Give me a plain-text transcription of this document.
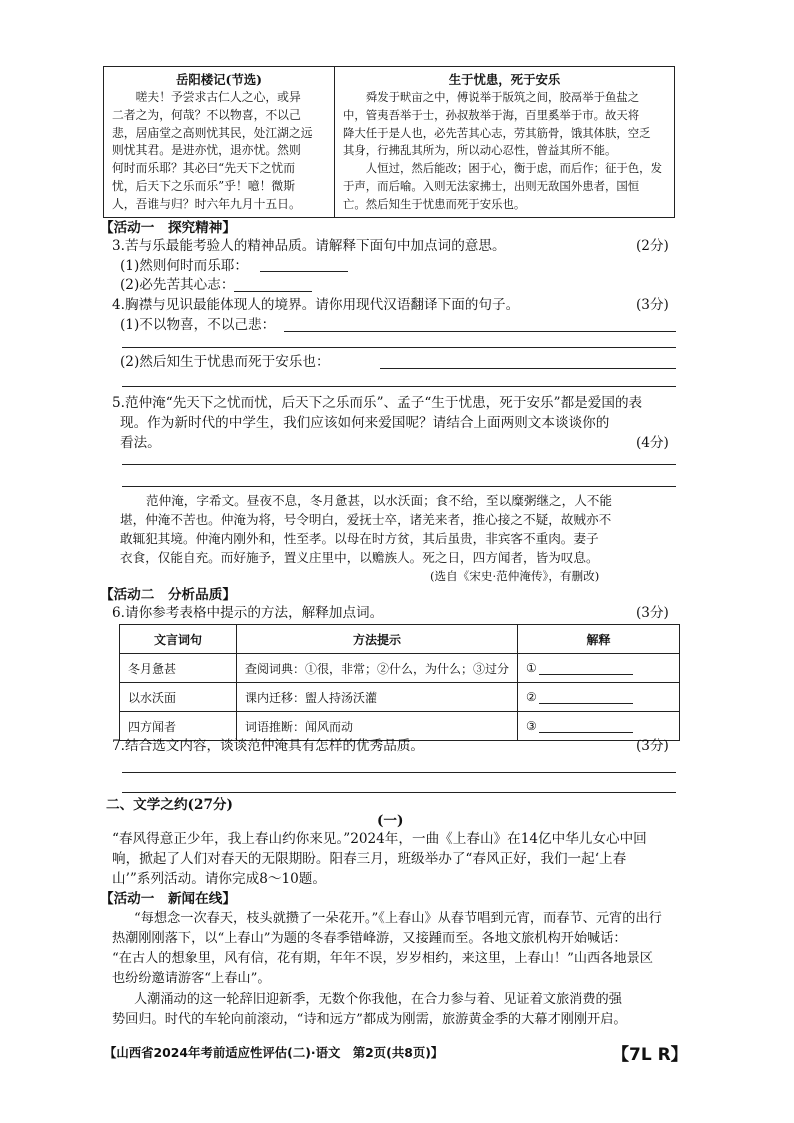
岳阳楼记(节选)
嗟夫！予尝求古仁人之心，或异
二者之为，何哉？不以物喜，不以己
悲，居庙堂之高则忧其民，处江湖之远
则忧其君。是进亦忧，退亦忧。然则
何时而乐耶？其必曰“先天下之忧而
忧，后天下之乐而乐”乎！噫！微斯
人，吾谁与归？时六年九月十五日。
生于忧患，死于安乐
舜发于畎亩之中，傅说举于版筑之间，胶鬲举于鱼盐之
中，管夷吾举于士，孙叔敖举于海，百里奚举于市。故天将
降大任于是人也，必先苦其心志，劳其筋骨，饿其体肤，空乏
其身，行拂乱其所为，所以动心忍性，曾益其所不能。
人恒过，然后能改；困于心，衡于虑，而后作；征于色，发
于声，而后喻。入则无法家拂士，出则无敌国外患者，国恒
亡。然后知生于忧患而死于安乐也。
【活动一　探究精神】
3.苦与乐最能考验人的精神品质。请解释下面句中加点词的意思。	(2分)
(1)然则何时而乐耶：
(2)必先苦其心志：
4.胸襟与见识最能体现人的境界。请你用现代汉语翻译下面的句子。	(3分)
(1)不以物喜，不以己悲：
(2)然后知生于忧患而死于安乐也：
5.范仲淹“先天下之忧而忧，后天下之乐而乐”、孟子“生于忧患，死于安乐”都是爱国的表
现。作为新时代的中学生，我们应该如何来爱国呢？请结合上面两则文本谈谈你的
看法。	(4分)
范仲淹，字希文。昼夜不息，冬月惫甚，以水沃面；食不给，至以糜粥继之，人不能
堪，仲淹不苦也。仲淹为将，号令明白，爱抚士卒，诸羌来者，推心接之不疑，故贼亦不
敢辄犯其境。仲淹内刚外和，性至孝。以母在时方贫，其后虽贵，非宾客不重肉。妻子
衣食，仅能自充。而好施予，置义庄里中，以赡族人。死之日，四方闻者，皆为叹息。
(选自《宋史·范仲淹传》，有删改)
【活动二　分析品质】
6.请你参考表格中提示的方法，解释加点词。	(3分)
文言词句	方法提示	解释
冬月惫甚	查阅词典：①很，非常；②什么，为什么；③过分	①
以水沃面	课内迁移：盥人持汤沃灌	②
四方闻者	词语推断：闻风而动	③
7.结合选文内容，谈谈范仲淹具有怎样的优秀品质。	(3分)
二、文学之约(27分)
(一)
“春风得意正少年，我上春山约你来见。”2024年，一曲《上春山》在14亿中华儿女心中回
响，掀起了人们对春天的无限期盼。阳春三月，班级举办了“春风正好，我们一起‘上春
山’”系列活动。请你完成8～10题。
【活动一　新闻在线】
“每想念一次春天，枝头就攒了一朵花开。”《上春山》从春节唱到元宵，而春节、元宵的出行
热潮刚刚落下，以“上春山”为题的冬春季错峰游，又接踵而至。各地文旅机构开始喊话：
“在古人的想象里，风有信，花有期，年年不误，岁岁相约，来这里，上春山！”山西各地景区
也纷纷邀请游客“上春山”。
人潮涌动的这一轮辞旧迎新季，无数个你我他，在合力参与着、见证着文旅消费的强
势回归。时代的车轮向前滚动，“诗和远方”都成为刚需，旅游黄金季的大幕才刚刚开启。
【山西省2024年考前适应性评估(二)·语文　第2页(共8页)】	【7L R】
